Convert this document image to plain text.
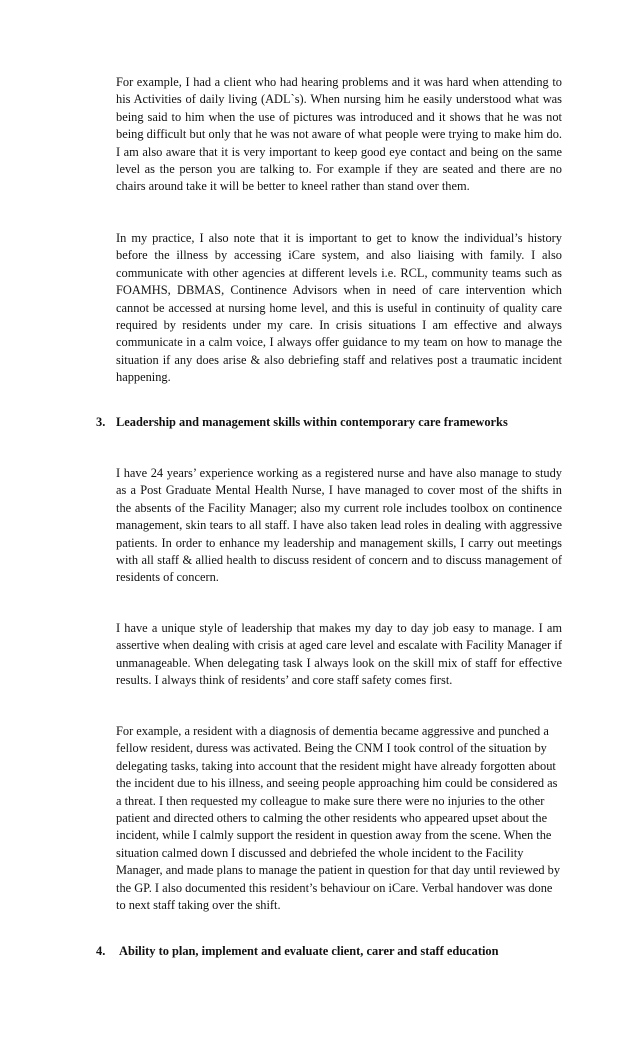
For example, I had a client who had hearing problems and it was hard when attending to his Activities of daily living (ADL`s). When nursing him he easily understood what was being said to him when the use of pictures was introduced and it shows that he was not being difficult but only that he was not aware of what people were trying to make him do. I am also aware that it is very important to keep good eye contact and being on the same level as the person you are talking to. For example if they are seated and there are no chairs around take it will be better to kneel rather than stand over them.

In my practice, I also note that it is important to get to know the individual’s history before the illness by accessing iCare system, and also liaising with family. I also communicate with other agencies at different levels i.e. RCL, community teams such as FOAMHS, DBMAS, Continence Advisors when in need of care intervention which cannot be accessed at nursing home level, and this is useful in continuity of quality care required by residents under my care. In crisis situations I am effective and always communicate in a calm voice, I always offer guidance to my team on how to manage the situation if any does arise & also debriefing staff and relatives post a traumatic incident happening.

3. Leadership and management skills within contemporary care frameworks

I have 24 years’ experience working as a registered nurse and have also manage to study as a Post Graduate Mental Health Nurse, I have managed to cover most of the shifts in the absents of the Facility Manager; also my current role includes toolbox on continence management, skin tears to all staff. I have also taken lead roles in dealing with aggressive patients. In order to enhance my leadership and management skills, I carry out meetings with all staff & allied health to discuss resident of concern and to discuss management of residents of concern.

I have a unique style of leadership that makes my day to day job easy to manage. I am assertive when dealing with crisis at aged care level and escalate with Facility Manager if unmanageable. When delegating task I always look on the skill mix of staff for effective results. I always think of residents’ and core staff safety comes first.

For example, a resident with a diagnosis of dementia became aggressive and punched a fellow resident, duress was activated. Being the CNM I took control of the situation by delegating tasks, taking into account that the resident might have already forgotten about the incident due to his illness, and seeing people approaching him could be considered as a threat. I then requested my colleague to make sure there were no injuries to the other patient and directed others to calming the other residents who appeared upset about the incident, while I calmly support the resident in question away from the scene. When the situation calmed down I discussed and debriefed the whole incident to the Facility Manager, and made plans to manage the patient in question for that day until reviewed by the GP. I also documented this resident’s behaviour on iCare. Verbal handover was done to next staff taking over the shift.

4. Ability to plan, implement and evaluate client, carer and staff education
